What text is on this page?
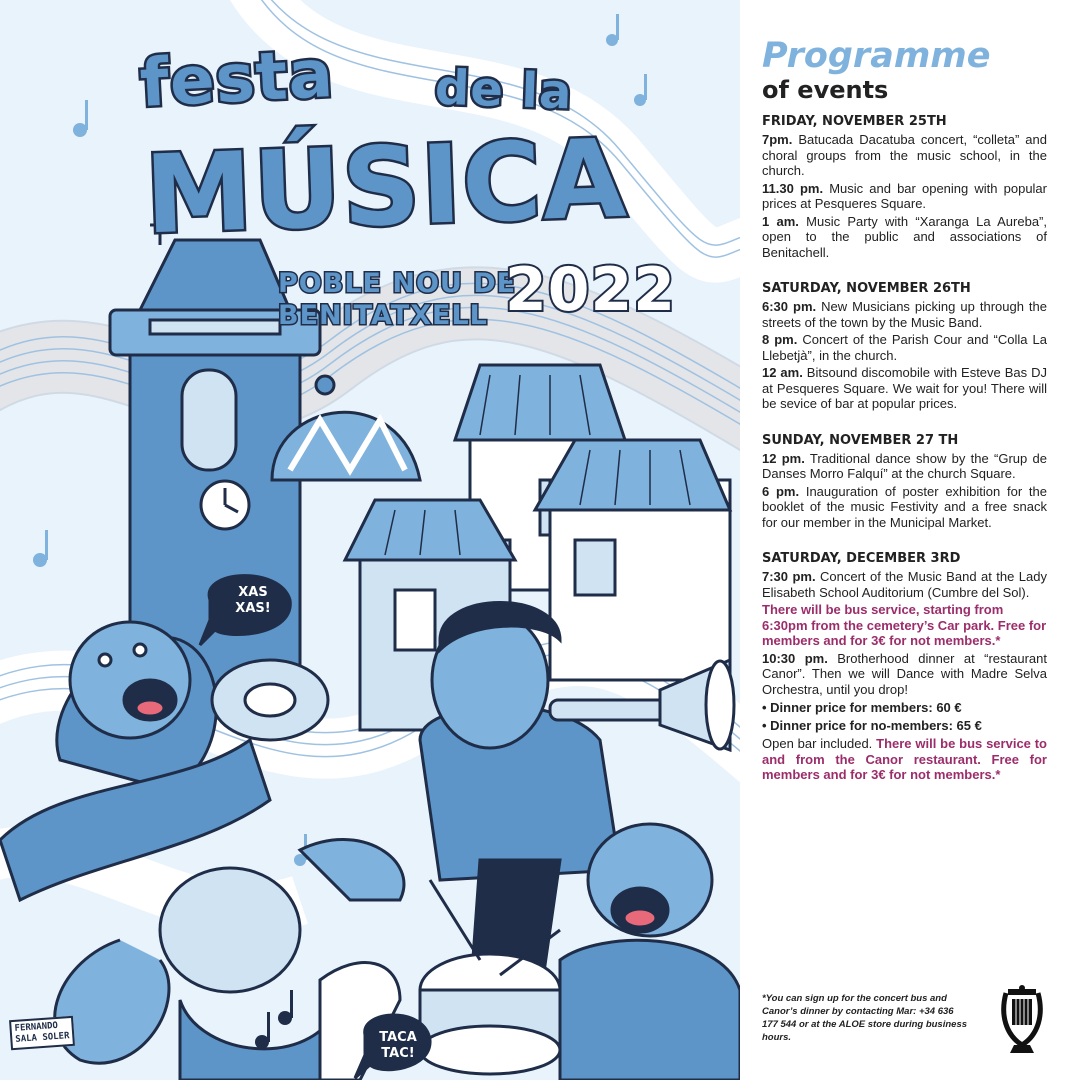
festa de la
MÚSICA
POBLE NOU DE
BENITATXELL 2022
XAS
XAS!
TACA
TAC!
FERNANDO
SALA SOLER
Programme
of events
FRIDAY, NOVEMBER 25TH
7pm. Batucada Dacatuba concert, “colleta” and choral groups from the music school, in the church.
11.30 pm. Music and bar opening with popular prices at Pesqueres Square.
1 am. Music Party with “Xaranga La Aureba”, open to the public and associations of Benitachell.
SATURDAY, NOVEMBER 26TH
6:30 pm. New Musicians picking up through the streets of the town by the Music Band.
8 pm. Concert of the Parish Cour and “Colla La Llebetjà”, in the church.
12 am. Bitsound discomobile with Esteve Bas DJ at Pesqueres Square. We wait for you! There will be sevice of bar at popular prices.
SUNDAY, NOVEMBER 27 TH
12 pm. Traditional dance show by the “Grup de Danses Morro Falquí” at the church Square.
6 pm. Inauguration of poster exhibition for the booklet of the music Festivity and a free snack for our member in the Municipal Market.
SATURDAY, DECEMBER 3RD
7:30 pm. Concert of the Music Band at the Lady Elisabeth School Auditorium (Cumbre del Sol).
There will be bus service, starting from 6:30pm from the cemetery’s Car park. Free for members and for 3€ for not members.*
10:30 pm. Brotherhood dinner at “restaurant Canor”. Then we will Dance with Madre Selva Orchestra, until you drop!
• Dinner price for members: 60 €
• Dinner price for no-members: 65 €
Open bar included. There will be bus service to and from the Canor restaurant. Free for members and for 3€ for not members.*
*You can sign up for the concert bus and Canor’s dinner by contacting Mar: +34 636 177 544 or at the ALOE store during business hours.
